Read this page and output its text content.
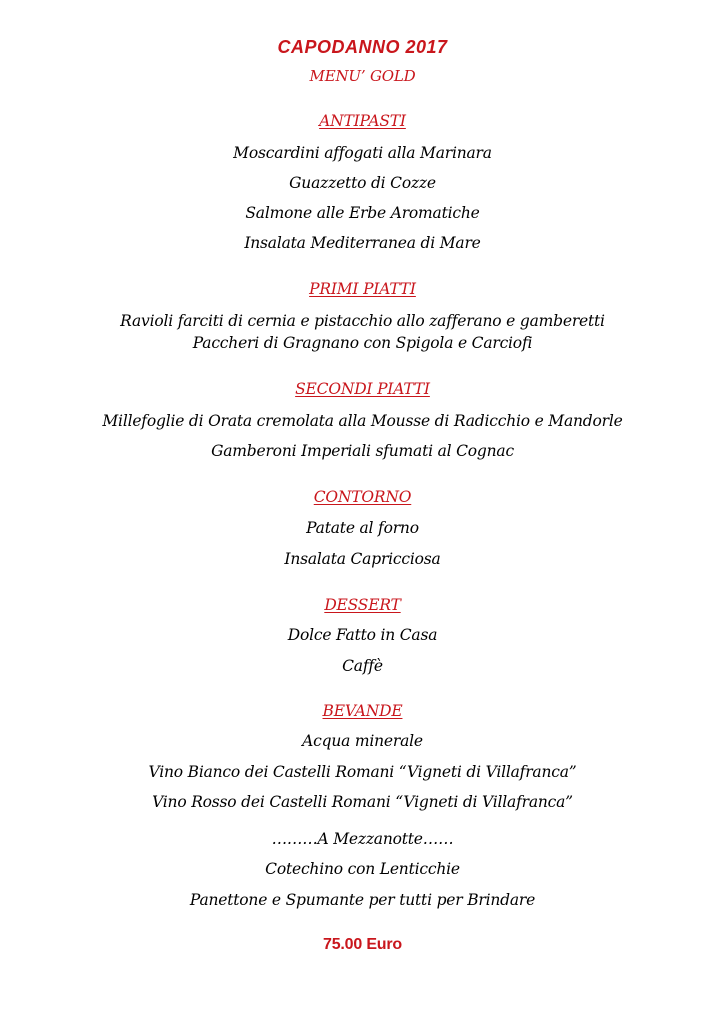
CAPODANNO 2017
MENU’ GOLD
ANTIPASTI
Moscardini affogati alla Marinara
Guazzetto di Cozze
Salmone alle Erbe Aromatiche
Insalata Mediterranea di Mare
PRIMI PIATTI
Ravioli farciti di cernia e pistacchio allo zafferano e gamberetti
Paccheri di Gragnano con Spigola e Carciofi
SECONDI PIATTI
Millefoglie di Orata cremolata alla Mousse di Radicchio e Mandorle
Gamberoni Imperiali sfumati al Cognac
CONTORNO
Patate al forno
Insalata Capricciosa
DESSERT
Dolce Fatto in Casa
Caffè
BEVANDE
Acqua minerale
Vino Bianco dei Castelli Romani “Vigneti di Villafranca”
Vino Rosso dei Castelli Romani “Vigneti di Villafranca”
………A Mezzanotte……
Cotechino con Lenticchie
Panettone e Spumante per tutti per Brindare
75.00 Euro
